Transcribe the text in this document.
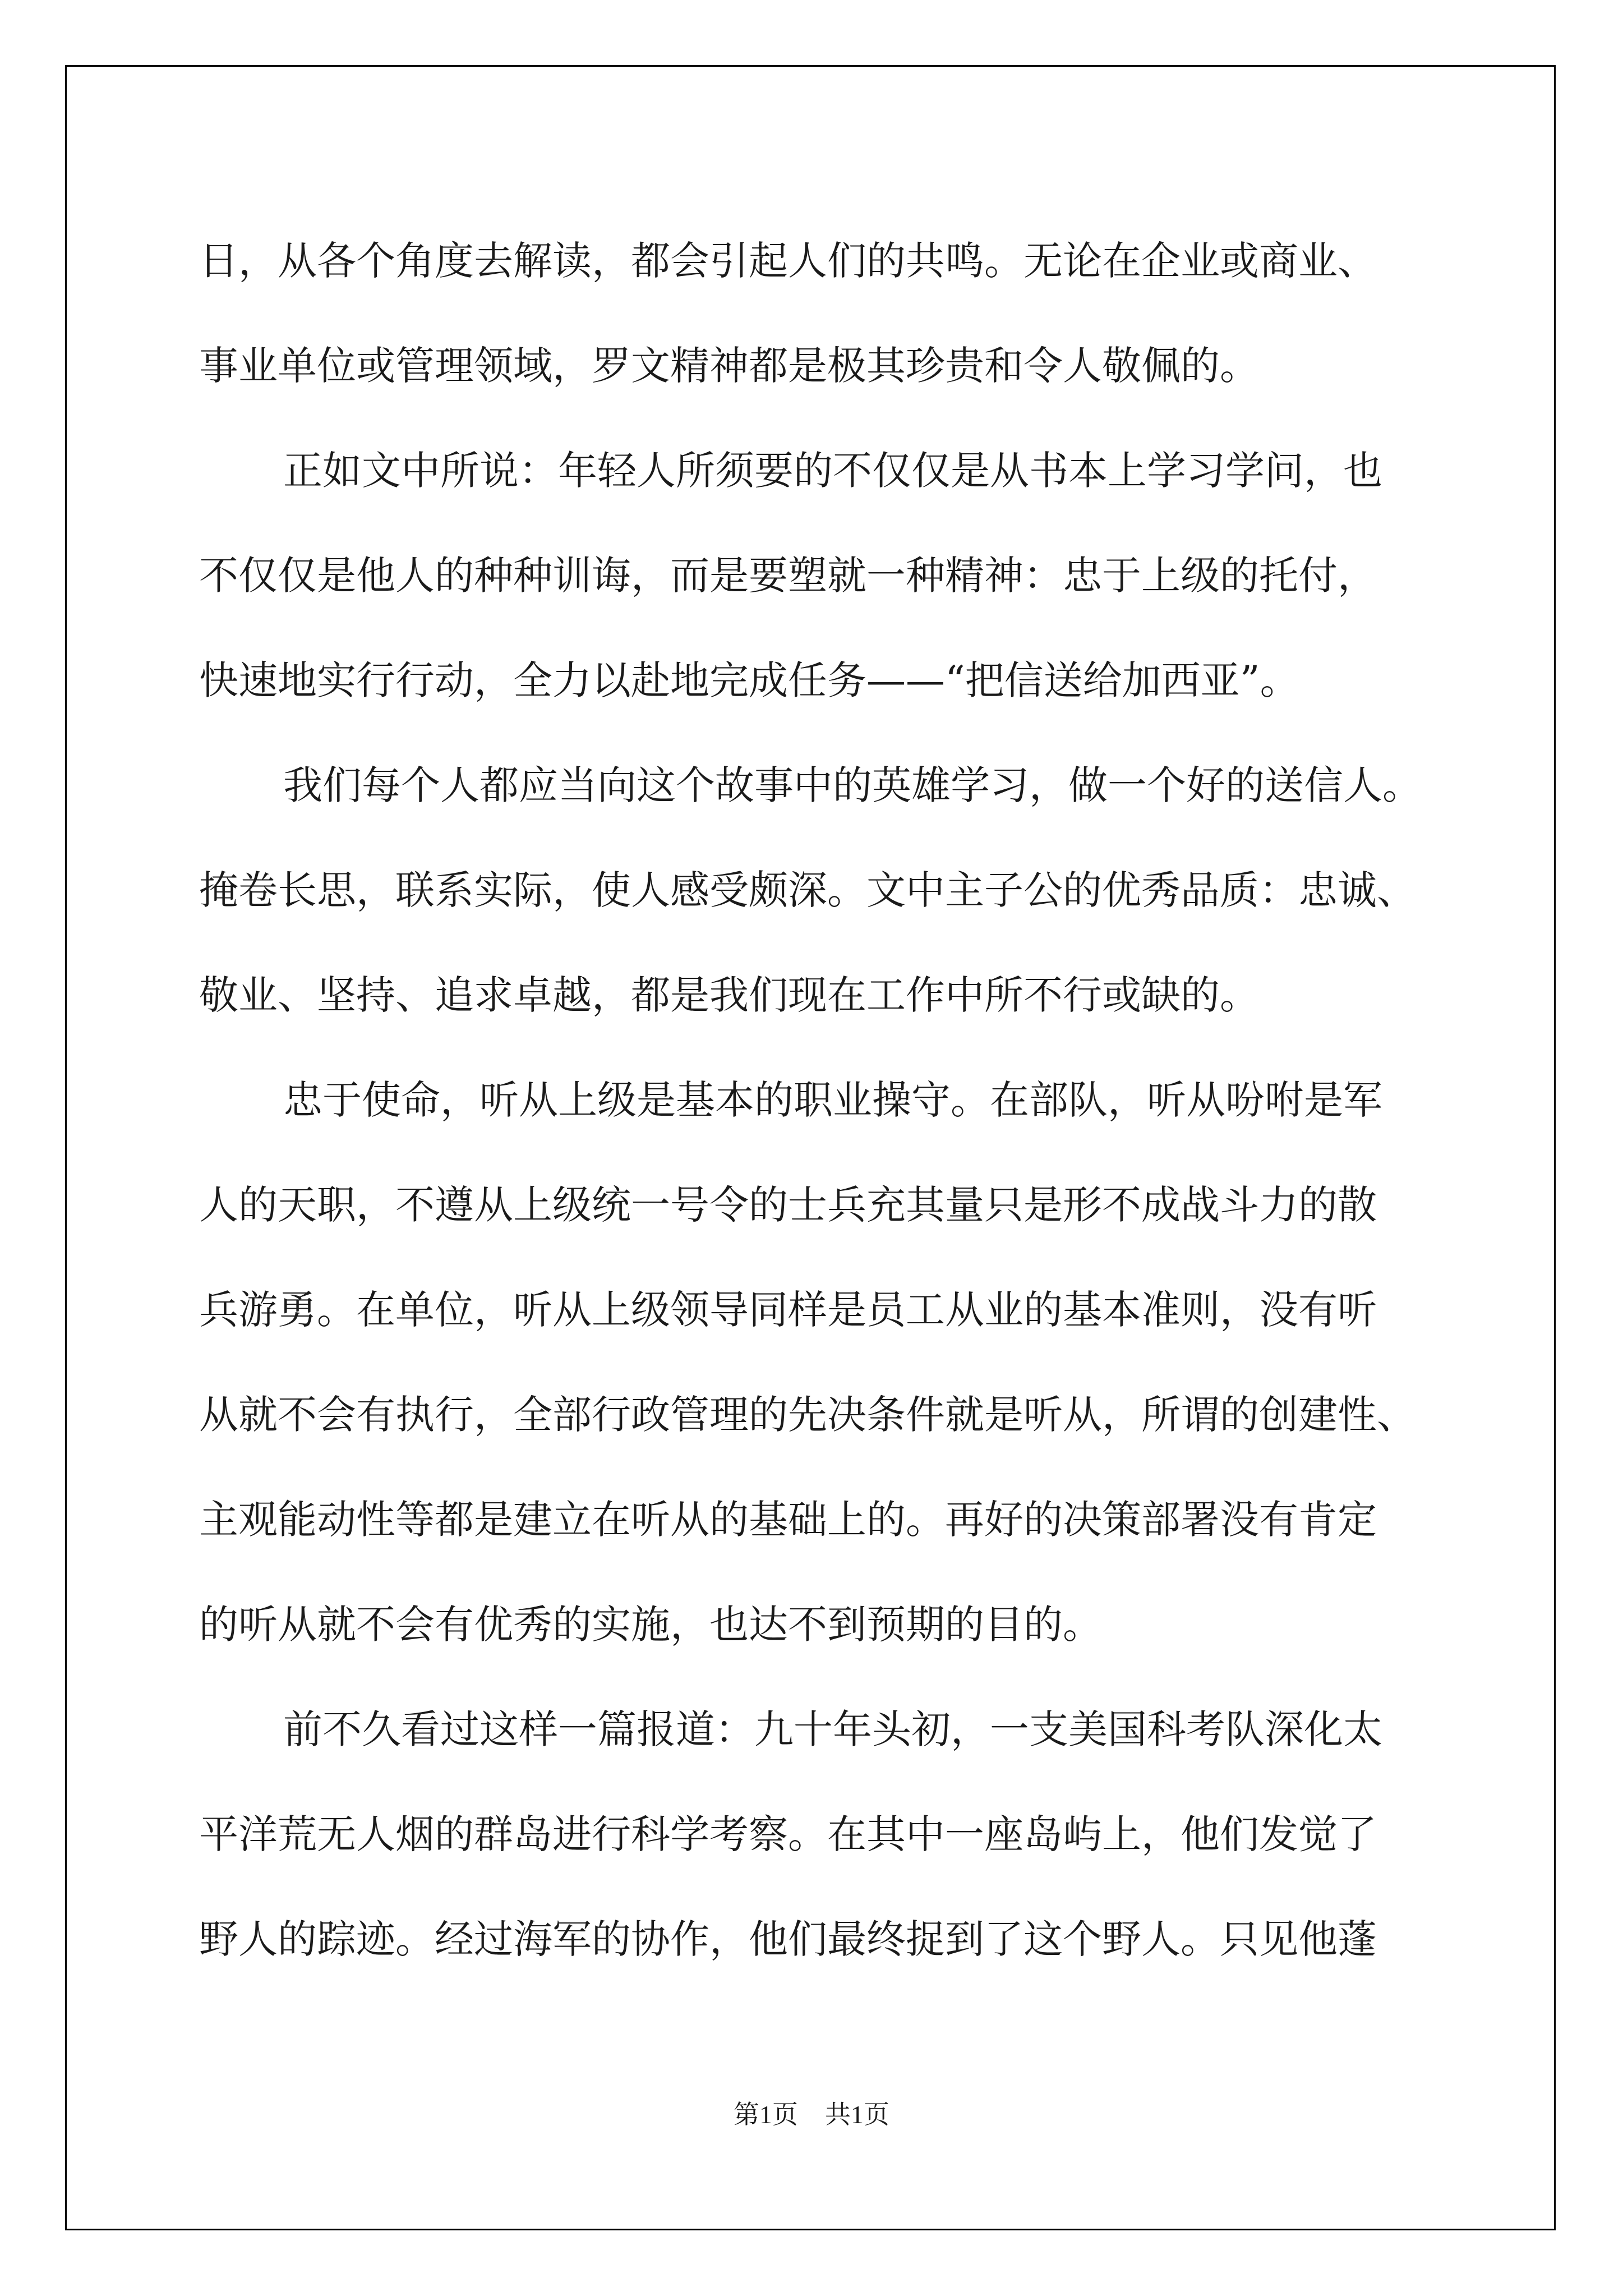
日，从各个角度去解读，都会引起人们的共鸣。无论在企业或商业、
事业单位或管理领域，罗文精神都是极其珍贵和令人敬佩的。
正如文中所说：年轻人所须要的不仅仅是从书本上学习学问，也
不仅仅是他人的种种训诲，而是要塑就一种精神：忠于上级的托付，
快速地实行行动，全力以赴地完成任务——“把信送给加西亚”。
我们每个人都应当向这个故事中的英雄学习，做一个好的送信人。
掩卷长思，联系实际，使人感受颇深。文中主子公的优秀品质：忠诚、
敬业、坚持、追求卓越，都是我们现在工作中所不行或缺的。
忠于使命，听从上级是基本的职业操守。在部队，听从吩咐是军
人的天职，不遵从上级统一号令的士兵充其量只是形不成战斗力的散
兵游勇。在单位，听从上级领导同样是员工从业的基本准则，没有听
从就不会有执行，全部行政管理的先决条件就是听从，所谓的创建性、
主观能动性等都是建立在听从的基础上的。再好的决策部署没有肯定
的听从就不会有优秀的实施，也达不到预期的目的。
前不久看过这样一篇报道：九十年头初，一支美国科考队深化太
平洋荒无人烟的群岛进行科学考察。在其中一座岛屿上，他们发觉了
野人的踪迹。经过海军的协作，他们最终捉到了这个野人。只见他蓬
第1页 共1页
